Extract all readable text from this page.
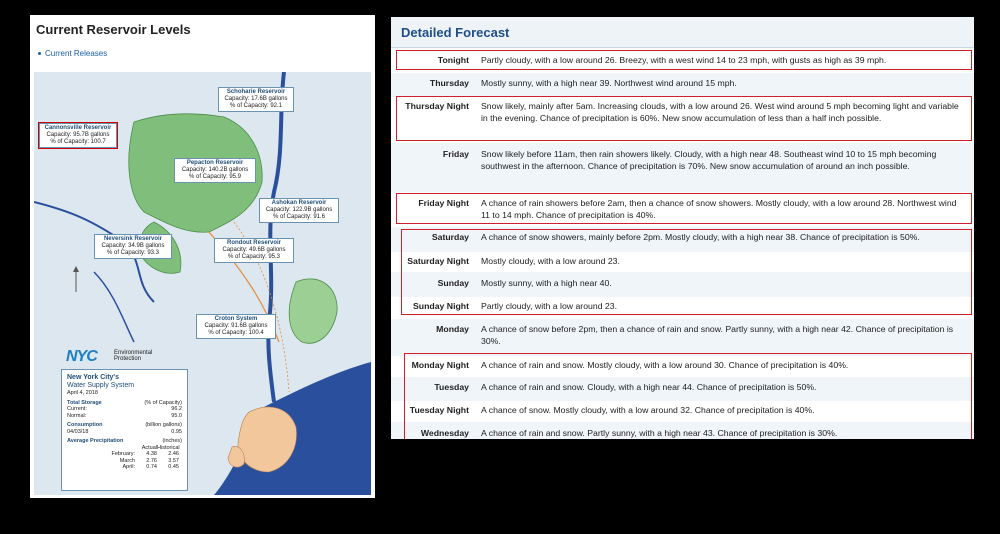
Current Reservoir Levels
Current Releases
Schoharie Reservoir
Capacity: 17.6B gallons
% of Capacity: 92.1
Cannonsville Reservoir
Capacity: 95.7B gallons
% of Capacity: 100.7
Pepacton Reservoir
Capacity: 140.2B gallons
% of Capacity: 95.9
Ashokan Reservoir
Capacity: 122.9B gallons
% of Capacity: 91.6
Neversink Reservoir
Capacity: 34.9B gallons
% of Capacity: 93.3
Rondout Reservoir
Capacity: 49.6B gallons
% of Capacity: 95.3
Croton System
Capacity: 91.6B gallons
% of Capacity: 100.4
NYC	Environmental
Protection
New York City's
Water Supply System
April 4, 2018
Total Storage	(% of Capacity)
Current:	96.2
Normal:	95.0
Consumption	(billion gallons)
04/03/18	0.95
Average Precipitation	(inches)
Actual Historical
February:	4.38	2.46
March	2.76	3.57
April:	0.74	0.45
Detailed Forecast
Tonight	Partly cloudy, with a low around 26. Breezy, with a west wind 14 to 23 mph, with gusts as high as 39 mph.
Thursday	Mostly sunny, with a high near 39. Northwest wind around 15 mph.
Thursday Night	Snow likely, mainly after 5am. Increasing clouds, with a low around 26. West wind around 5 mph becoming light and variable in the evening. Chance of precipitation is 60%. New snow accumulation of less than a half inch possible.
Friday	Snow likely before 11am, then rain showers likely. Cloudy, with a high near 48. Southeast wind 10 to 15 mph becoming southwest in the afternoon. Chance of precipitation is 70%. New snow accumulation of around an inch possible.
Friday Night	A chance of rain showers before 2am, then a chance of snow showers. Mostly cloudy, with a low around 28. Northwest wind 11 to 14 mph. Chance of precipitation is 40%.
Saturday	A chance of snow showers, mainly before 2pm. Mostly cloudy, with a high near 38. Chance of precipitation is 50%.
Saturday Night	Mostly cloudy, with a low around 23.
Sunday	Mostly sunny, with a high near 40.
Sunday Night	Partly cloudy, with a low around 23.
Monday	A chance of snow before 2pm, then a chance of rain and snow. Partly sunny, with a high near 42. Chance of precipitation is 30%.
Monday Night	A chance of rain and snow. Mostly cloudy, with a low around 30. Chance of precipitation is 40%.
Tuesday	A chance of rain and snow. Cloudy, with a high near 44. Chance of precipitation is 50%.
Tuesday Night	A chance of snow. Mostly cloudy, with a low around 32. Chance of precipitation is 40%.
Wednesday	A chance of rain and snow. Partly sunny, with a high near 43. Chance of precipitation is 30%.
